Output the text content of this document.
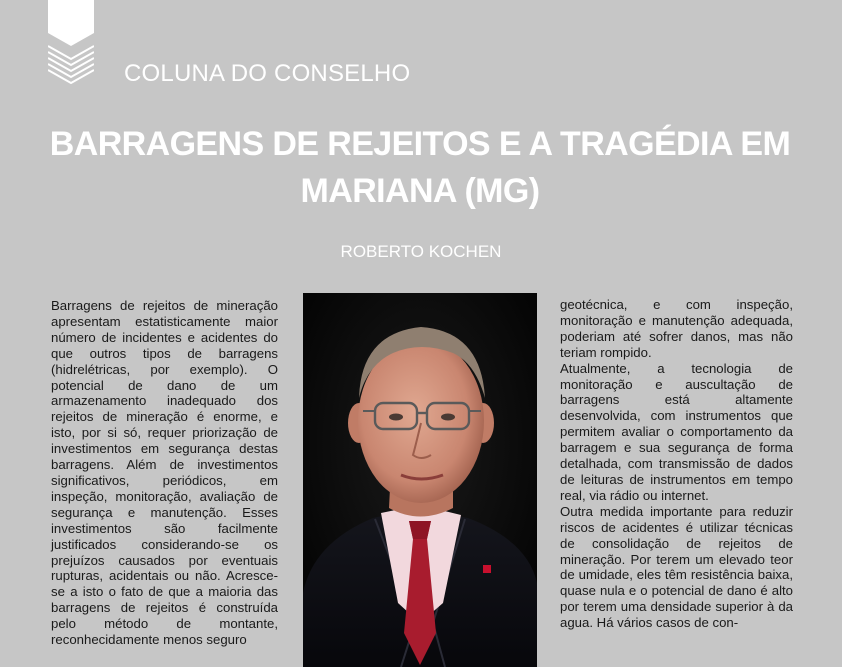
COLUNA DO CONSELHO
BARRAGENS DE REJEITOS E A TRAGÉDIA EM MARIANA (MG)
ROBERTO KOCHEN

Barragens de rejeitos de mineração apresentam estatisticamente maior número de incidentes e acidentes do que outros tipos de barragens (hidrelétricas, por exemplo). O potencial de dano de um armazenamento inadequado dos rejeitos de mineração é enorme, e isto, por si só, requer priorização de investimentos em segurança destas barragens. Além de investimentos significativos, periódicos, em inspeção, monitoração, avaliação de segurança e manutenção. Esses investimentos são facilmente justificados considerando-se os prejuízos causados por eventuais rupturas, acidentais ou não. Acresce-se a isto o fato de que a maioria das barragens de rejeitos é construída pelo método de montante, reconhecidamente menos seguro

geotécnica, e com inspeção, monitoração e manutenção adequada, poderiam até sofrer danos, mas não teriam rompido.

Atualmente, a tecnologia de monitoração e auscultação de barragens está altamente desenvolvida, com instrumentos que permitem avaliar o comportamento da barragem e sua segurança de forma detalhada, com transmissão de dados de leituras de instrumentos em tempo real, via rádio ou internet.

Outra medida importante para reduzir riscos de acidentes é utilizar técnicas de consolidação de rejeitos de mineração. Por terem um elevado teor de umidade, eles têm resistência baixa, quase nula e o potencial de dano é alto por terem uma densidade superior à da agua. Há vários casos de con-
